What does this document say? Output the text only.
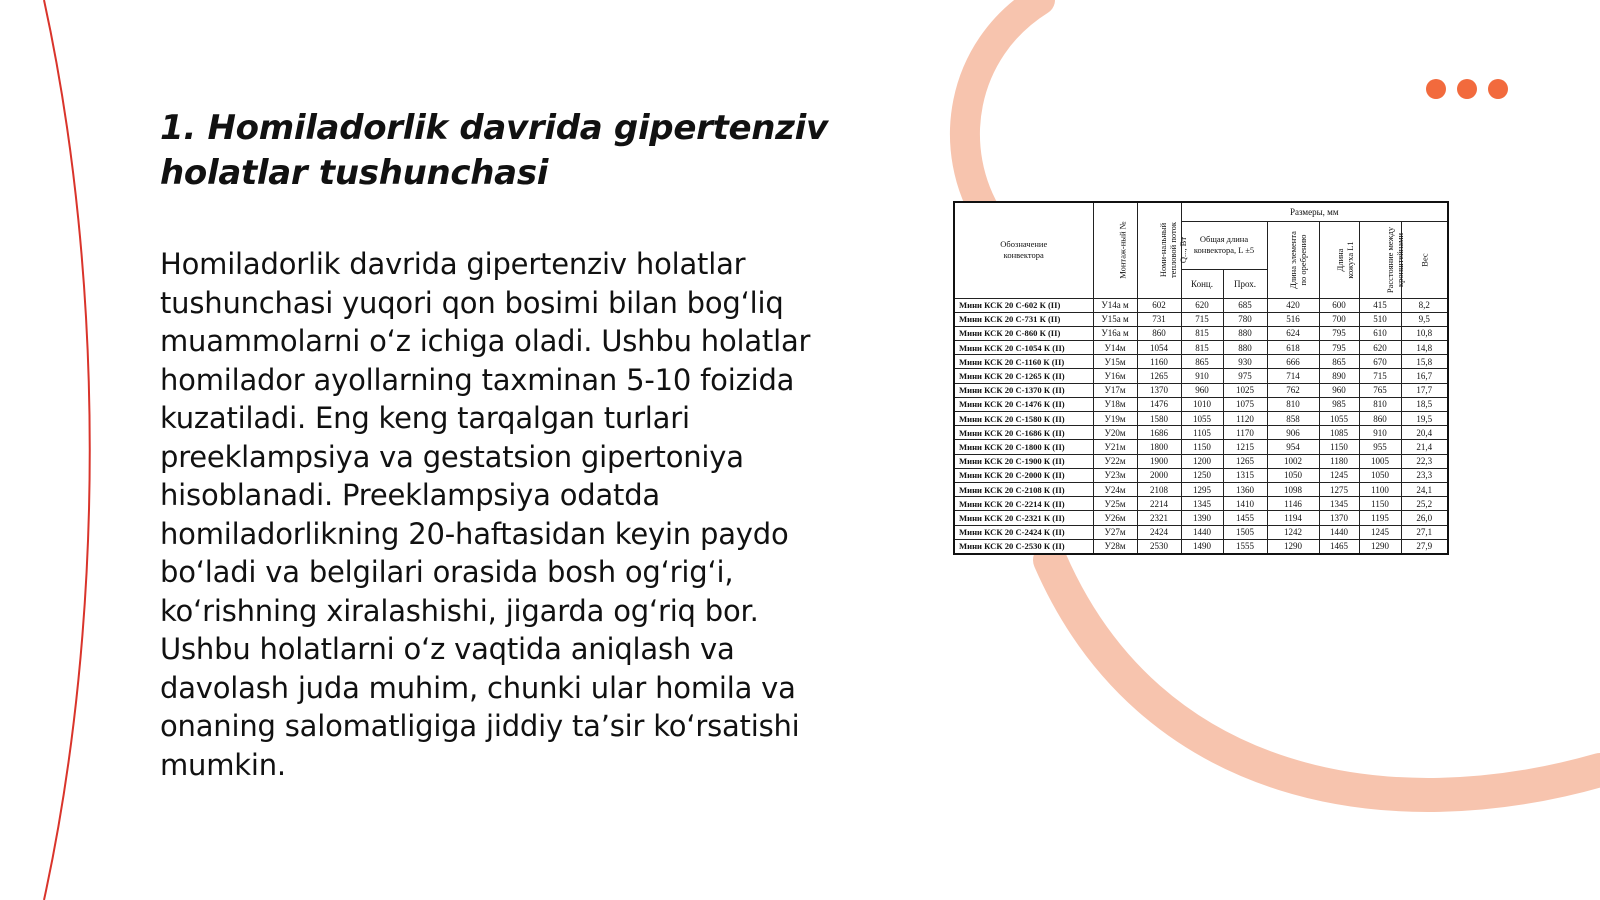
1. Homiladorlik davrida gipertenziv holatlar tushunchasi

Homiladorlik davrida gipertenziv holatlar tushunchasi yuqori qon bosimi bilan bog‘liq muammolarni o‘z ichiga oladi. Ushbu holatlar homilador ayollarning taxminan 5-10 foizida kuzatiladi. Eng keng tarqalgan turlari preeklampsiya va gestatsion gipertoniya hisoblanadi. Preeklampsiya odatda homiladorlikning 20-haftasidan keyin paydo bo‘ladi va belgilari orasida bosh og‘rig‘i, ko‘rishning xiralashishi, jigarda og‘riq bor. Ushbu holatlarni o‘z vaqtida aniqlash va davolash juda muhim, chunki ular homila va onaning salomatligiga jiddiy ta’sir ko‘rsatishi mumkin.

Обозначение конвектора	Монтаж-ный №	Номи-нальный тепловой поток Q..., Вт	Размеры, мм					
			Общая длина конвектора, L ±5		Длина элемента по оребрению	Длина кожуха L1	Расстояние между кронштейнами	Вес
			Конц.	Прох.				
Мини КСК 20 С-602 К (II)	У14а м	602	620	685	420	600	415	8,2
Мини КСК 20 С-731 К (II)	У15а м	731	715	780	516	700	510	9,5
Мини КСК 20 С-860 К (II)	У16а м	860	815	880	624	795	610	10,8
Мини КСК 20 С-1054 К (II)	У14м	1054	815	880	618	795	620	14,8
Мини КСК 20 С-1160 К (II)	У15м	1160	865	930	666	865	670	15,8
Мини КСК 20 С-1265 К (II)	У16м	1265	910	975	714	890	715	16,7
Мини КСК 20 С-1370 К (II)	У17м	1370	960	1025	762	960	765	17,7
Мини КСК 20 С-1476 К (II)	У18м	1476	1010	1075	810	985	810	18,5
Мини КСК 20 С-1580 К (II)	У19м	1580	1055	1120	858	1055	860	19,5
Мини КСК 20 С-1686 К (II)	У20м	1686	1105	1170	906	1085	910	20,4
Мини КСК 20 С-1800 К (II)	У21м	1800	1150	1215	954	1150	955	21,4
Мини КСК 20 С-1900 К (II)	У22м	1900	1200	1265	1002	1180	1005	22,3
Мини КСК 20 С-2000 К (II)	У23м	2000	1250	1315	1050	1245	1050	23,3
Мини КСК 20 С-2108 К (II)	У24м	2108	1295	1360	1098	1275	1100	24,1
Мини КСК 20 С-2214 К (II)	У25м	2214	1345	1410	1146	1345	1150	25,2
Мини КСК 20 С-2321 К (II)	У26м	2321	1390	1455	1194	1370	1195	26,0
Мини КСК 20 С-2424 К (II)	У27м	2424	1440	1505	1242	1440	1245	27,1
Мини КСК 20 С-2530 К (II)	У28м	2530	1490	1555	1290	1465	1290	27,9
